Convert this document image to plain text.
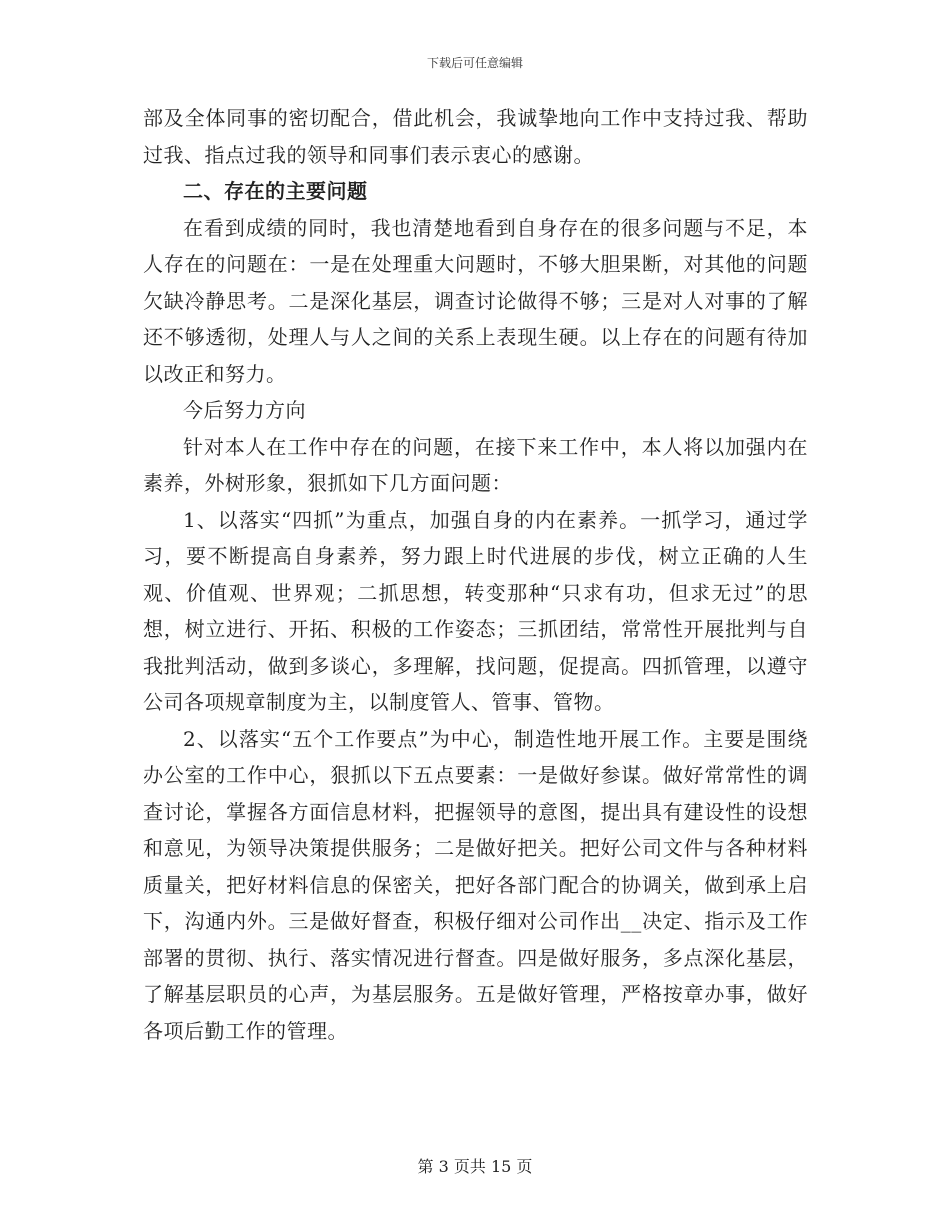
下载后可任意编辑

部及全体同事的密切配合，借此机会，我诚挚地向工作中支持过我、帮助过我、指点过我的领导和同事们表示衷心的感谢。

二、存在的主要问题

在看到成绩的同时，我也清楚地看到自身存在的很多问题与不足，本人存在的问题在：一是在处理重大问题时，不够大胆果断，对其他的问题欠缺冷静思考。二是深化基层，调查讨论做得不够；三是对人对事的了解还不够透彻，处理人与人之间的关系上表现生硬。以上存在的问题有待加以改正和努力。

今后努力方向

针对本人在工作中存在的问题，在接下来工作中，本人将以加强内在素养，外树形象，狠抓如下几方面问题：

1、以落实“四抓”为重点，加强自身的内在素养。一抓学习，通过学习，要不断提高自身素养，努力跟上时代进展的步伐，树立正确的人生观、价值观、世界观；二抓思想，转变那种“只求有功，但求无过”的思想，树立进行、开拓、积极的工作姿态；三抓团结，常常性开展批判与自我批判活动，做到多谈心，多理解，找问题，促提高。四抓管理，以遵守公司各项规章制度为主，以制度管人、管事、管物。

2、以落实“五个工作要点”为中心，制造性地开展工作。主要是围绕办公室的工作中心，狠抓以下五点要素：一是做好参谋。做好常常性的调查讨论，掌握各方面信息材料，把握领导的意图，提出具有建设性的设想和意见，为领导决策提供服务；二是做好把关。把好公司文件与各种材料质量关，把好材料信息的保密关，把好各部门配合的协调关，做到承上启下，沟通内外。三是做好督查，积极仔细对公司作出__决定、指示及工作部署的贯彻、执行、落实情况进行督查。四是做好服务，多点深化基层，了解基层职员的心声，为基层服务。五是做好管理，严格按章办事，做好各项后勤工作的管理。

第 3 页共 15 页
